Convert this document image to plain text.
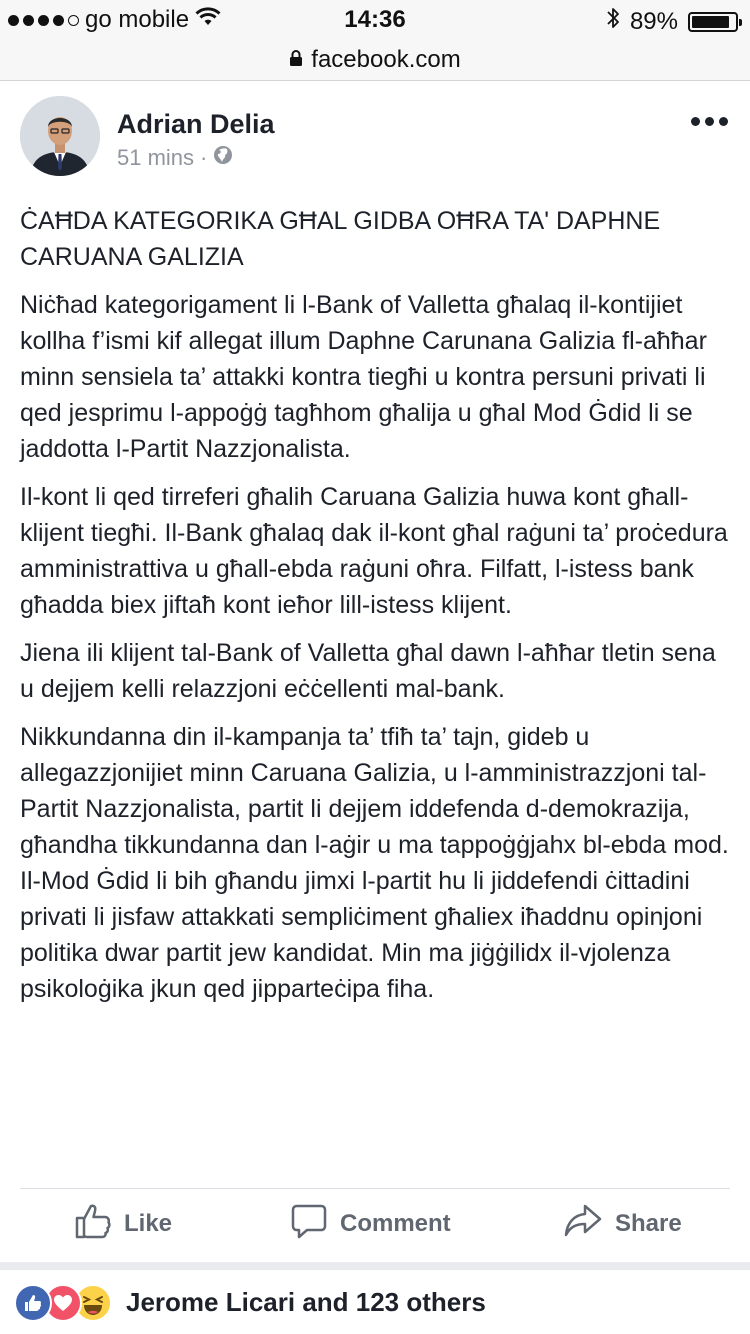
go mobile	14:36	89%
facebook.com
Adrian Delia
51 mins ·

ĊAĦDA KATEGORIKA GĦAL GIDBA OĦRA TA' DAPHNE CARUANA GALIZIA

Niċħad kategorigament li l-Bank of Valletta għalaq il-kontijiet kollha f’ismi kif allegat illum Daphne Carunana Galizia fl-aħħar minn sensiela ta’ attakki kontra tiegħi u kontra persuni privati li qed jesprimu l-appoġġ tagħhom għalija u għal Mod Ġdid li se jaddotta l-Partit Nazzjonalista.

Il-kont li qed tirreferi għalih Caruana Galizia huwa kont għall-klijent tiegħi. Il-Bank għalaq dak il-kont għal raġuni ta’ proċedura amministrattiva u għall-ebda raġuni oħra. Filfatt, l-istess bank għadda biex jiftaħ kont ieħor lill-istess klijent.

Jiena ili klijent tal-Bank of Valletta għal dawn l-aħħar tletin sena u dejjem kelli relazzjoni eċċellenti mal-bank.

Nikkundanna din il-kampanja ta’ tfiħ ta’ tajn, gideb u allegazzjonijiet minn Caruana Galizia, u l-amministrazzjoni tal-Partit Nazzjonalista, partit li dejjem iddefenda d-demokrazija, għandha tikkundanna dan l-aġir u ma tappoġġjahx bl-ebda mod. Il-Mod Ġdid li bih għandu jimxi l-partit hu li jiddefendi ċittadini privati li jisfaw attakkati sempliċiment għaliex iħaddnu opinjoni politika dwar partit jew kandidat. Min ma jiġġilidx il-vjolenza psikoloġika jkun qed jipparteċipa fiha.

Like	Comment	Share
Jerome Licari and 123 others
